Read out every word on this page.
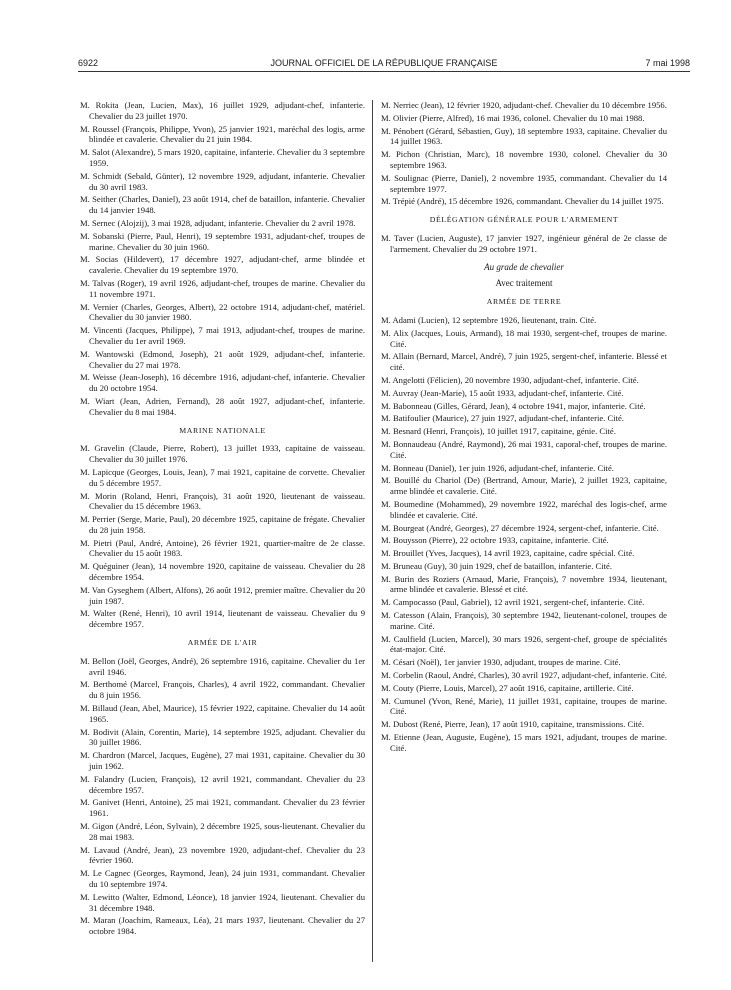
6922	JOURNAL OFFICIEL DE LA RÉPUBLIQUE FRANÇAISE	7 mai 1998

M. Rokita (Jean, Lucien, Max), 16 juillet 1929, adjudant-chef, infanterie. Chevalier du 23 juillet 1970.

M. Roussel (François, Philippe, Yvon), 25 janvier 1921, maréchal des logis, arme blindée et cavalerie. Chevalier du 21 juin 1984.

M. Salot (Alexandre), 5 mars 1920, capitaine, infanterie. Chevalier du 3 septembre 1959.

M. Schmidt (Sebald, Günter), 12 novembre 1929, adjudant, infanterie. Chevalier du 30 avril 1983.

M. Seither (Charles, Daniel), 23 août 1914, chef de bataillon, infanterie. Chevalier du 14 janvier 1948.

M. Sernec (Alojzij), 3 mai 1928, adjudant, infanterie. Chevalier du 2 avril 1978.

M. Sobanski (Pierre, Paul, Henri), 19 septembre 1931, adjudant-chef, troupes de marine. Chevalier du 30 juin 1960.

M. Socias (Hildevert), 17 décembre 1927, adjudant-chef, arme blindée et cavalerie. Chevalier du 19 septembre 1970.

M. Talvas (Roger), 19 avril 1926, adjudant-chef, troupes de marine. Chevalier du 11 novembre 1971.

M. Vernier (Charles, Georges, Albert), 22 octobre 1914, adjudant-chef, matériel. Chevalier du 30 janvier 1980.

M. Vincenti (Jacques, Philippe), 7 mai 1913, adjudant-chef, troupes de marine. Chevalier du 1er avril 1969.

M. Wantowski (Edmond, Joseph), 21 août 1929, adjudant-chef, infanterie. Chevalier du 27 mai 1978.

M. Weisse (Jean-Joseph), 16 décembre 1916, adjudant-chef, infanterie. Chevalier du 20 octobre 1954.

M. Wiart (Jean, Adrien, Fernand), 28 août 1927, adjudant-chef, infanterie. Chevalier du 8 mai 1984.

MARINE NATIONALE

M. Gravelin (Claude, Pierre, Robert), 13 juillet 1933, capitaine de vaisseau. Chevalier du 30 juillet 1976.

M. Lapicque (Georges, Louis, Jean), 7 mai 1921, capitaine de corvette. Chevalier du 5 décembre 1957.

M. Morin (Roland, Henri, François), 31 août 1920, lieutenant de vaisseau. Chevalier du 15 décembre 1963.

M. Perrier (Serge, Marie, Paul), 20 décembre 1925, capitaine de frégate. Chevalier du 28 juin 1958.

M. Pietri (Paul, André, Antoine), 26 février 1921, quartier-maître de 2e classe. Chevalier du 15 août 1983.

M. Quéguiner (Jean), 14 novembre 1920, capitaine de vaisseau. Chevalier du 28 décembre 1954.

M. Van Gyseghem (Albert, Alfons), 26 août 1912, premier maître. Chevalier du 20 juin 1987.

M. Walter (René, Henri), 10 avril 1914, lieutenant de vaisseau. Chevalier du 9 décembre 1957.

ARMÉE DE L'AIR

M. Bellon (Joël, Georges, André), 26 septembre 1916, capitaine. Chevalier du 1er avril 1946.

M. Berthomé (Marcel, François, Charles), 4 avril 1922, commandant. Chevalier du 8 juin 1956.

M. Billaud (Jean, Abel, Maurice), 15 février 1922, capitaine. Chevalier du 14 août 1965.

M. Bodivit (Alain, Corentin, Marie), 14 septembre 1925, adjudant. Chevalier du 30 juillet 1986.

M. Chardron (Marcel, Jacques, Eugène), 27 mai 1931, capitaine. Chevalier du 30 juin 1962.

M. Falandry (Lucien, François), 12 avril 1921, commandant. Chevalier du 23 décembre 1957.

M. Ganivet (Henri, Antoine), 25 mai 1921, commandant. Chevalier du 23 février 1961.

M. Gigon (André, Léon, Sylvain), 2 décembre 1925, sous-lieutenant. Chevalier du 28 mai 1983.

M. Lavaud (André, Jean), 23 novembre 1920, adjudant-chef. Chevalier du 23 février 1960.

M. Le Cagnec (Georges, Raymond, Jean), 24 juin 1931, commandant. Chevalier du 10 septembre 1974.

M. Lewitto (Walter, Edmond, Léonce), 18 janvier 1924, lieutenant. Chevalier du 31 décembre 1948.

M. Maran (Joachim, Rameaux, Léa), 21 mars 1937, lieutenant. Chevalier du 27 octobre 1984.

M. Nerriec (Jean), 12 février 1920, adjudant-chef. Chevalier du 10 décembre 1956.

M. Olivier (Pierre, Alfred), 16 mai 1936, colonel. Chevalier du 10 mai 1988.

M. Pénobert (Gérard, Sébastien, Guy), 18 septembre 1933, capitaine. Chevalier du 14 juillet 1963.

M. Pichon (Christian, Marc), 18 novembre 1930, colonel. Chevalier du 30 septembre 1963.

M. Soulignac (Pierre, Daniel), 2 novembre 1935, commandant. Chevalier du 14 septembre 1977.

M. Trépié (André), 15 décembre 1926, commandant. Chevalier du 14 juillet 1975.

DÉLÉGATION GÉNÉRALE POUR L'ARMEMENT

M. Taver (Lucien, Auguste), 17 janvier 1927, ingénieur général de 2e classe de l'armement. Chevalier du 29 octobre 1971.

Au grade de chevalier
Avec traitement
ARMÉE DE TERRE

M. Adami (Lucien), 12 septembre 1926, lieutenant, train. Cité.

M. Alix (Jacques, Louis, Armand), 18 mai 1930, sergent-chef, troupes de marine. Cité.

M. Allain (Bernard, Marcel, André), 7 juin 1925, sergent-chef, infanterie. Blessé et cité.

M. Angelotti (Félicien), 20 novembre 1930, adjudant-chef, infanterie. Cité.

M. Auvray (Jean-Marie), 15 août 1933, adjudant-chef, infanterie. Cité.

M. Babonneau (Gilles, Gérard, Jean), 4 octobre 1941, major, infanterie. Cité.

M. Batifoulier (Maurice), 27 juin 1927, adjudant-chef, infanterie. Cité.

M. Besnard (Henri, François), 10 juillet 1917, capitaine, génie. Cité.

M. Bonnaudeau (André, Raymond), 26 mai 1931, caporal-chef, troupes de marine. Cité.

M. Bonneau (Daniel), 1er juin 1926, adjudant-chef, infanterie. Cité.

M. Bouillé du Chariol (De) (Bertrand, Amour, Marie), 2 juillet 1923, capitaine, arme blindée et cavalerie. Cité.

M. Boumedine (Mohammed), 29 novembre 1922, maréchal des logis-chef, arme blindée et cavalerie. Cité.

M. Bourgeat (André, Georges), 27 décembre 1924, sergent-chef, infanterie. Cité.

M. Bouysson (Pierre), 22 octobre 1933, capitaine, infanterie. Cité.

M. Brouillet (Yves, Jacques), 14 avril 1923, capitaine, cadre spécial. Cité.

M. Bruneau (Guy), 30 juin 1929, chef de bataillon, infanterie. Cité.

M. Burin des Roziers (Arnaud, Marie, François), 7 novembre 1934, lieutenant, arme blindée et cavalerie. Blessé et cité.

M. Campocasso (Paul, Gabriel), 12 avril 1921, sergent-chef, infanterie. Cité.

M. Catesson (Alain, François), 30 septembre 1942, lieutenant-colonel, troupes de marine. Cité.

M. Caulfield (Lucien, Marcel), 30 mars 1926, sergent-chef, groupe de spécialités état-major. Cité.

M. Césari (Noël), 1er janvier 1930, adjudant, troupes de marine. Cité.

M. Corbelin (Raoul, André, Charles), 30 avril 1927, adjudant-chef, infanterie. Cité.

M. Couty (Pierre, Louis, Marcel), 27 août 1916, capitaine, artillerie. Cité.

M. Cumunel (Yvon, René, Marie), 11 juillet 1931, capitaine, troupes de marine. Cité.

M. Dubost (René, Pierre, Jean), 17 août 1910, capitaine, transmissions. Cité.

M. Etienne (Jean, Auguste, Eugène), 15 mars 1921, adjudant, troupes de marine. Cité.
